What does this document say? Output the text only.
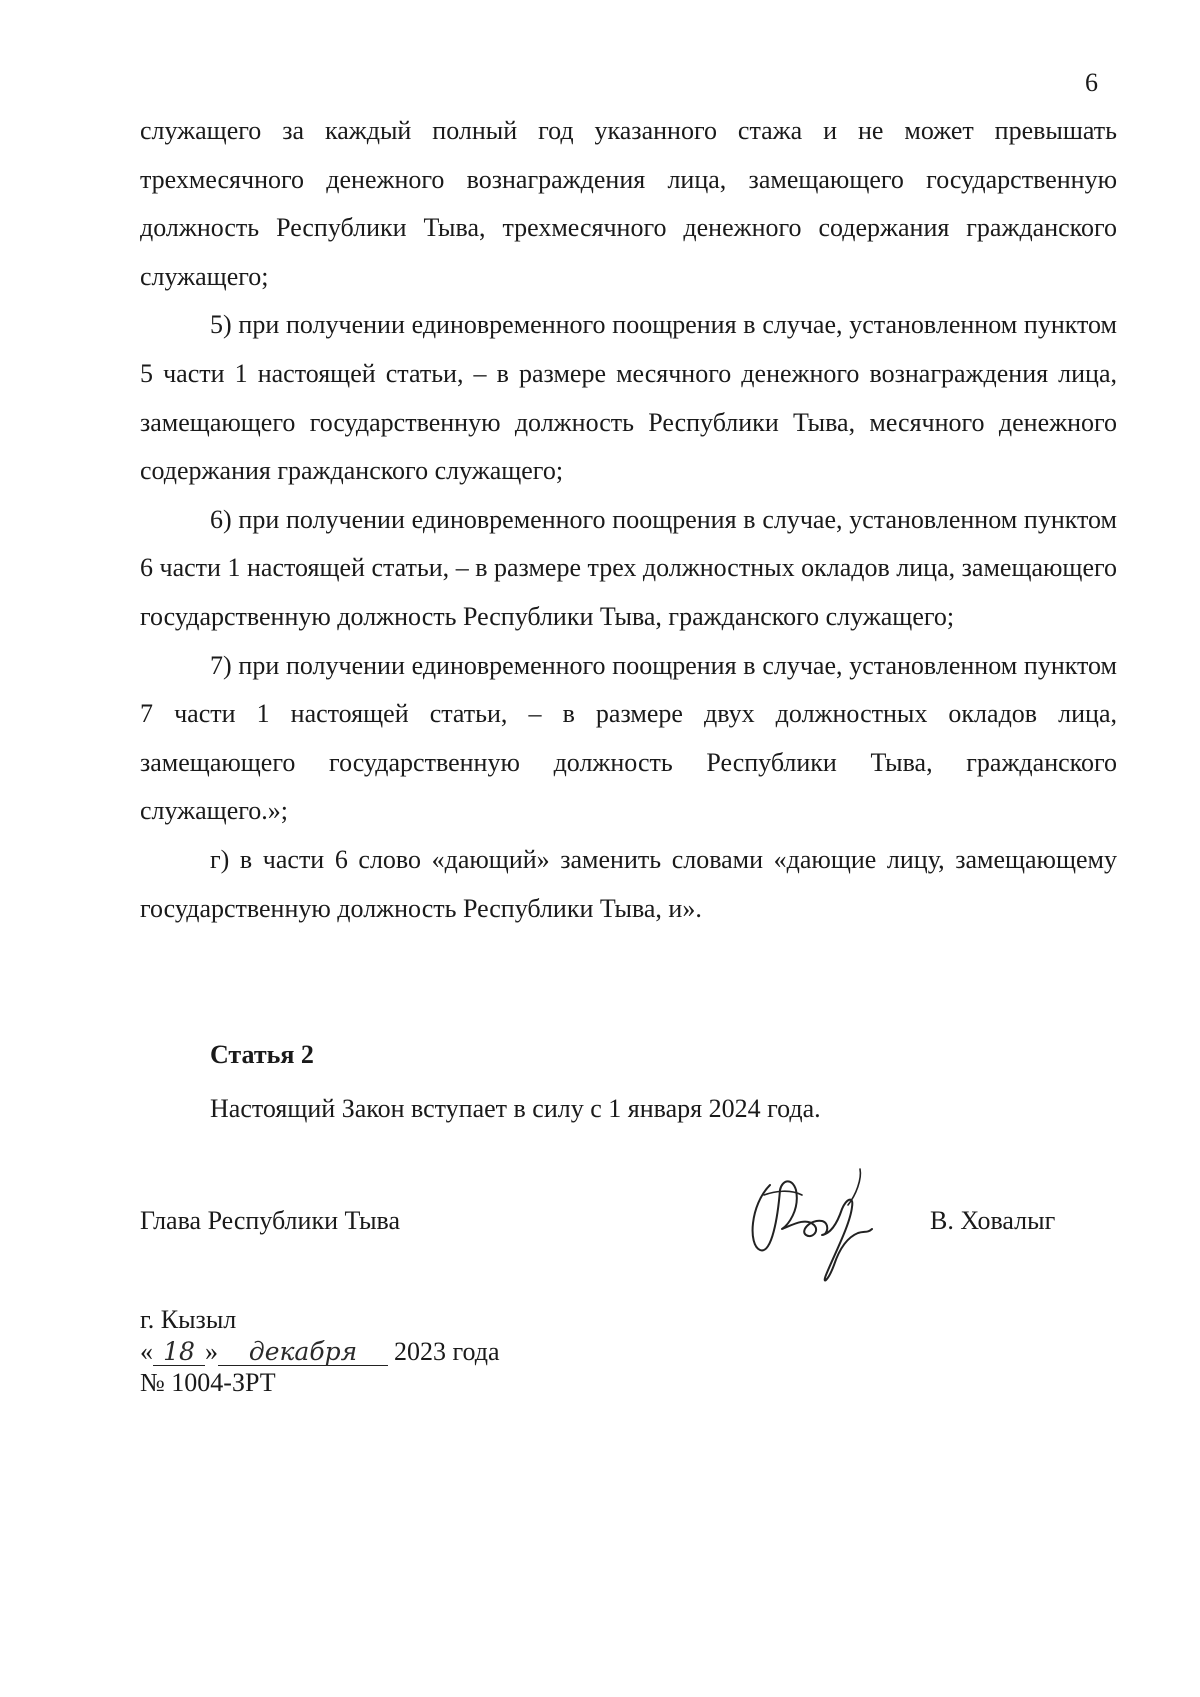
6

служащего за каждый полный год указанного стажа и не может превышать трехмесячного денежного вознаграждения лица, замещающего государственную должность Республики Тыва, трехмесячного денежного содержания гражданского служащего;

5) при получении единовременного поощрения в случае, установленном пунктом 5 части 1 настоящей статьи, – в размере месячного денежного вознаграждения лица, замещающего государственную должность Республики Тыва, месячного денежного содержания гражданского служащего;

6) при получении единовременного поощрения в случае, установленном пунктом 6 части 1 настоящей статьи, – в размере трех должностных окладов лица, замещающего государственную должность Республики Тыва, гражданского служащего;

7) при получении единовременного поощрения в случае, установленном пунктом 7 части 1 настоящей статьи, – в размере двух должностных окладов лица, замещающего государственную должность Республики Тыва, гражданского служащего.»;

г) в части 6 слово «дающий» заменить словами «дающие лицу, замещающему государственную должность Республики Тыва, и».

Статья 2
Настоящий Закон вступает в силу с 1 января 2024 года.
Глава Республики Тыва	В. Ховалыг
г. Кызыл
« 18 » декабря 2023 года
№ 1004-ЗРТ
